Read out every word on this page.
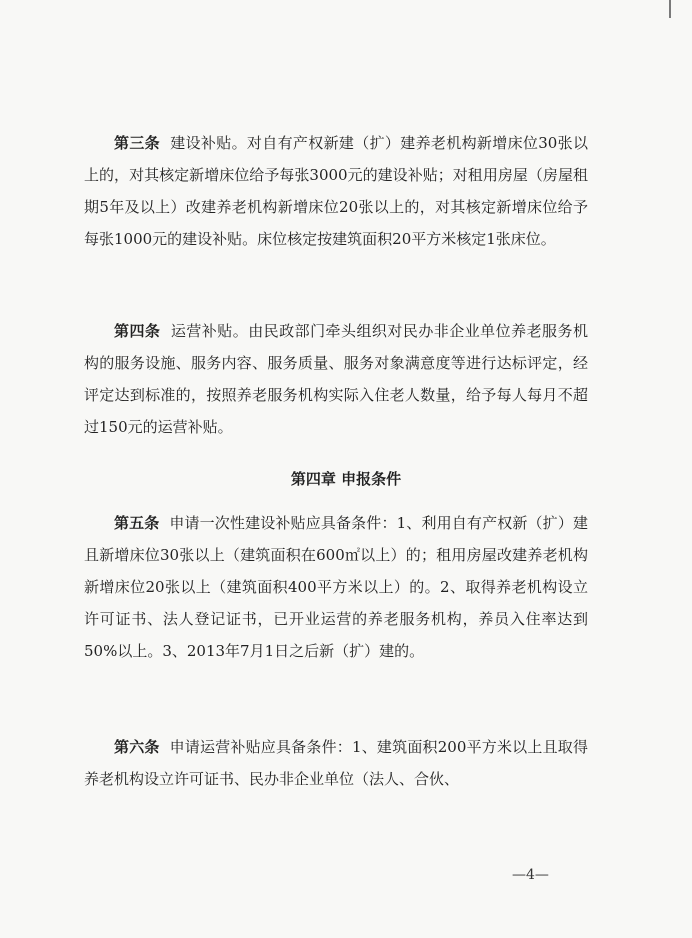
第三条 建设补贴。对自有产权新建（扩）建养老机构新增床位30张以上的，对其核定新增床位给予每张3000元的建设补贴；对租用房屋（房屋租期5年及以上）改建养老机构新增床位20张以上的，对其核定新增床位给予每张1000元的建设补贴。床位核定按建筑面积20平方米核定1张床位。

第四条 运营补贴。由民政部门牵头组织对民办非企业单位养老服务机构的服务设施、服务内容、服务质量、服务对象满意度等进行达标评定，经评定达到标准的，按照养老服务机构实际入住老人数量，给予每人每月不超过150元的运营补贴。

第四章 申报条件

第五条 申请一次性建设补贴应具备条件：1、利用自有产权新（扩）建且新增床位30张以上（建筑面积在600㎡以上）的；租用房屋改建养老机构新增床位20张以上（建筑面积400平方米以上）的。2、取得养老机构设立许可证书、法人登记证书，已开业运营的养老服务机构，养员入住率达到50%以上。3、2013年7月1日之后新（扩）建的。

第六条 申请运营补贴应具备条件：1、建筑面积200平方米以上且取得养老机构设立许可证书、民办非企业单位（法人、合伙、

—4—
